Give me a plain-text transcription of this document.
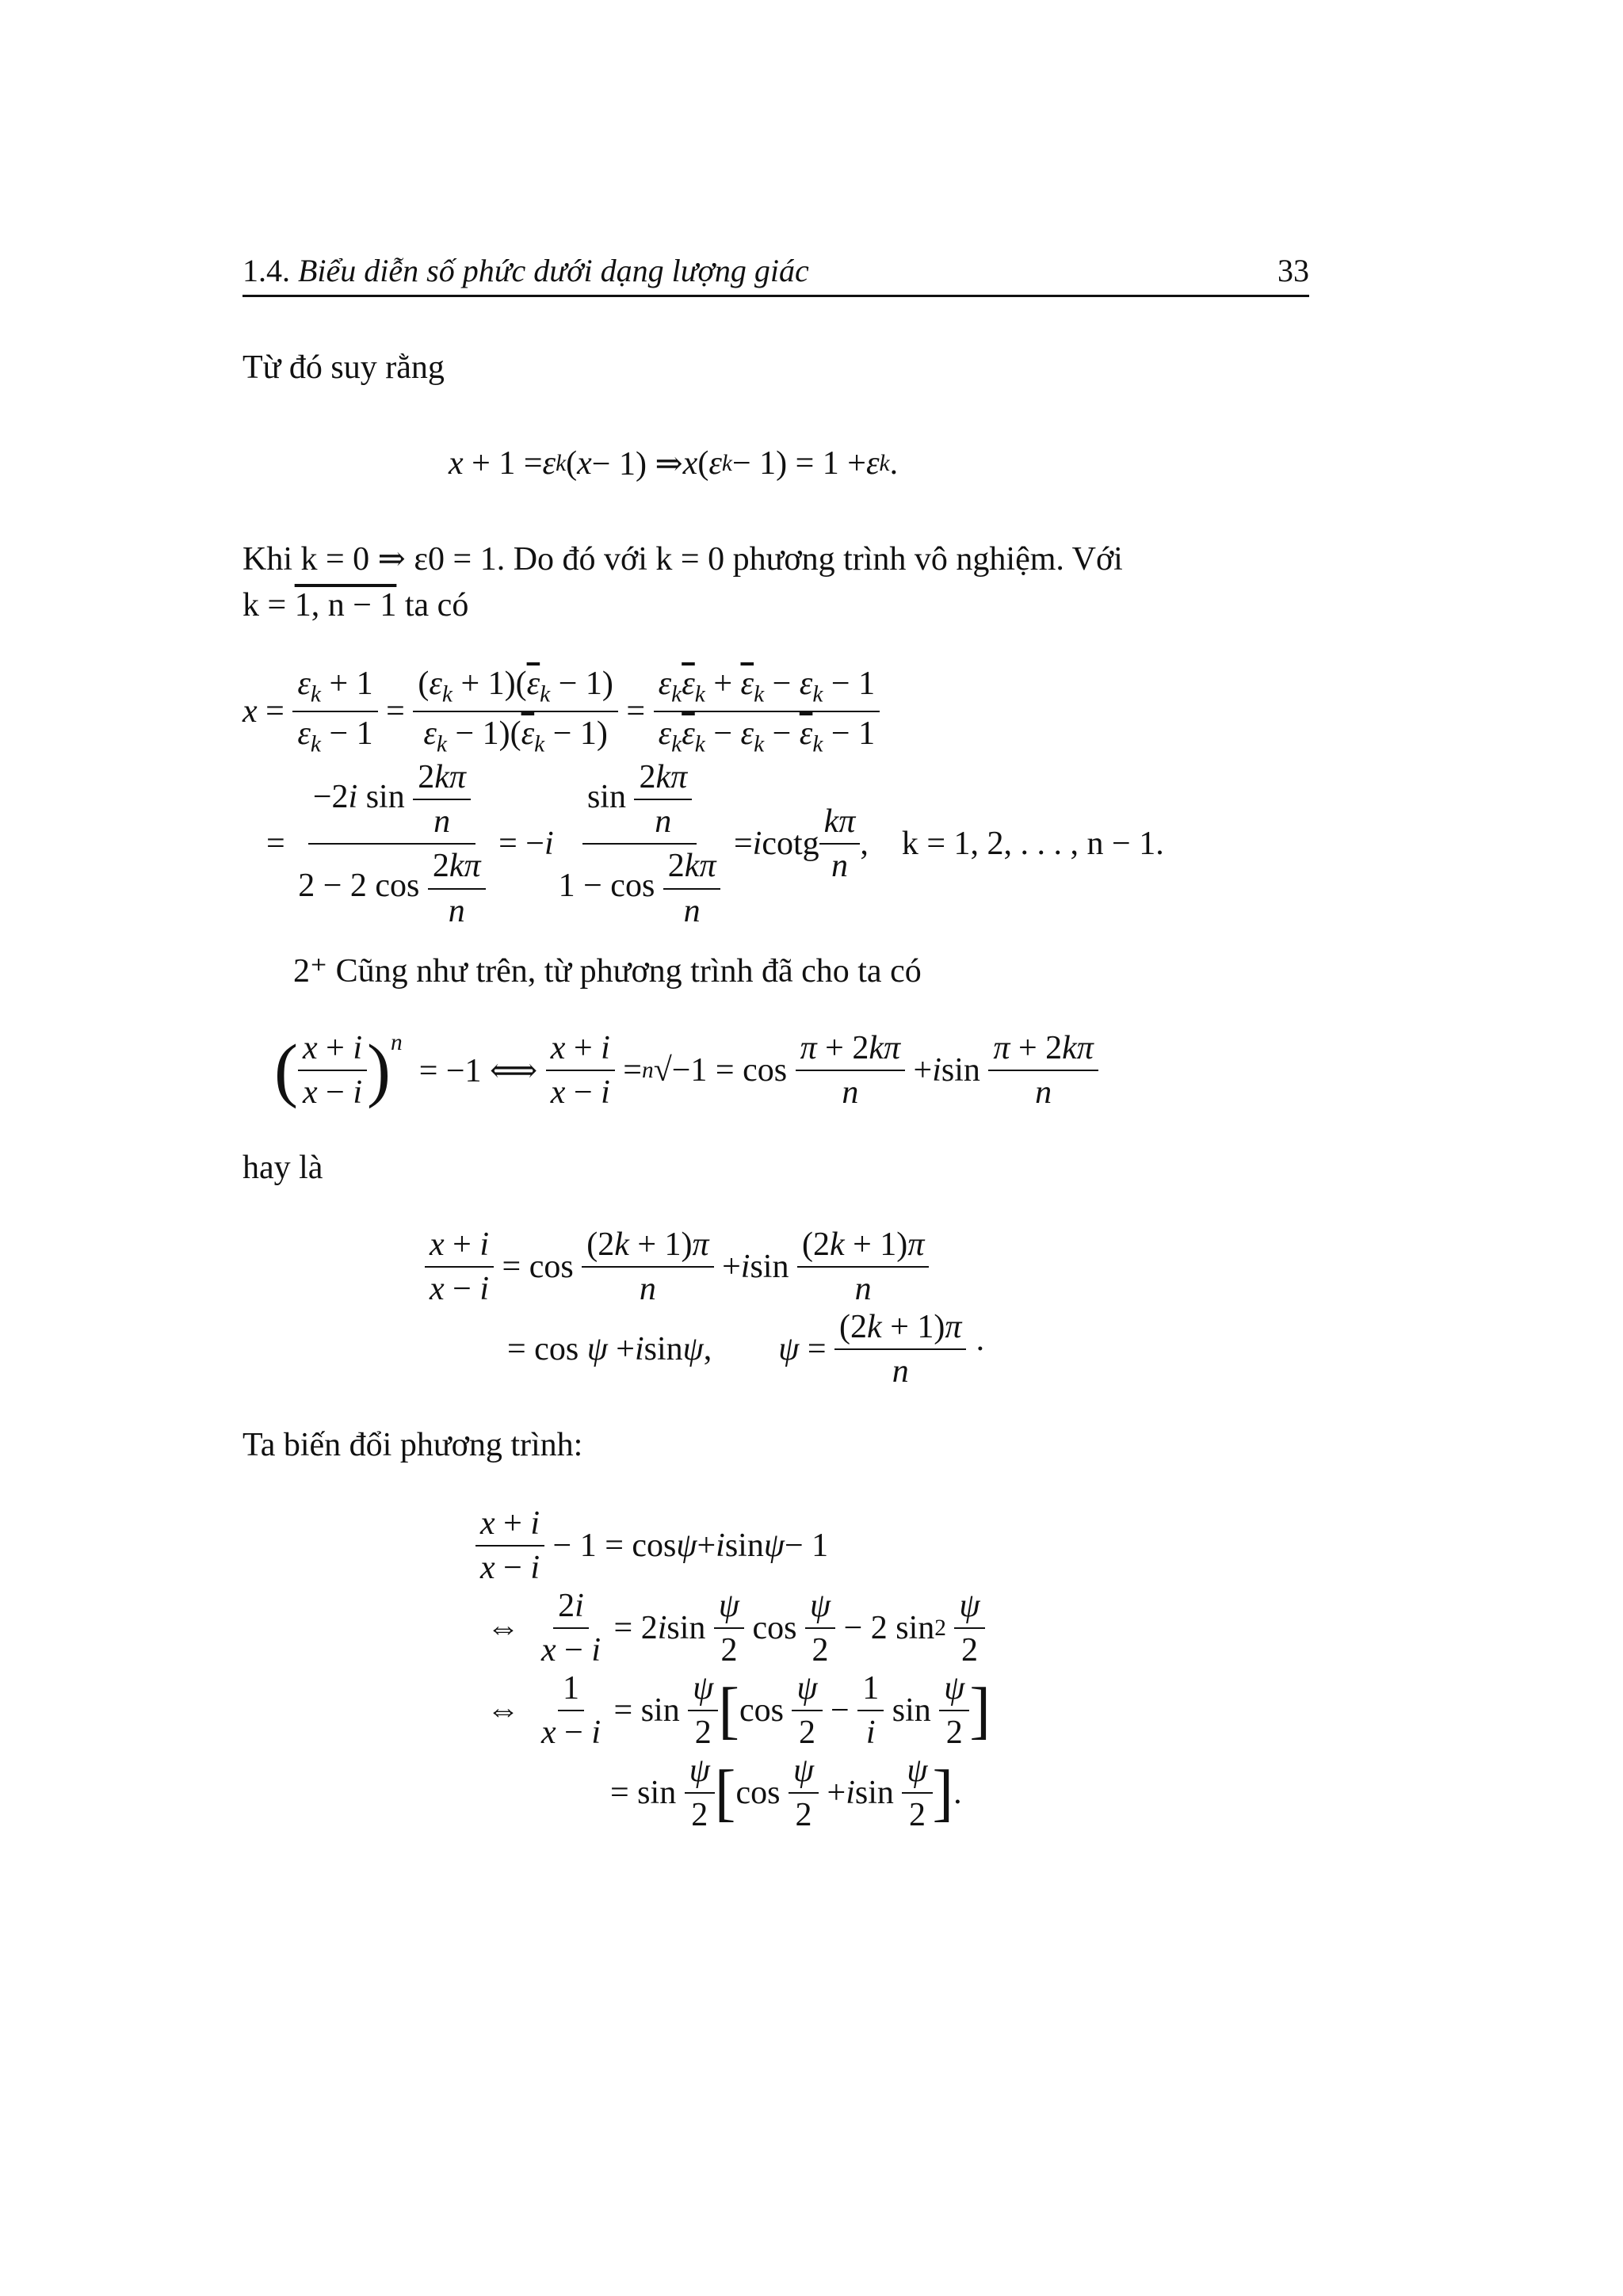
1.4. Biểu diễn số phức dưới dạng lượng giác	33
Từ đó suy rằng
x + 1 = ε k ( x − 1) ⇒ x ( ε k − 1) = 1 + ε k .
Khi k = 0 ⇒ ε0 = 1. Do đó với k = 0 phương trình vô nghiệm. Với
k = 1, n − 1 ta có
$x = \frac{\varepsilon_k + 1}{\varepsilon_k - 1} = \frac{(\varepsilon_k + 1)(\overline{\varepsilon}_k - 1)}{\varepsilon_k - 1)(\overline{\varepsilon}_k - 1)} = \frac{\varepsilon_k\overline{\varepsilon}_k + \overline{\varepsilon}_k - \varepsilon_k - 1}{\varepsilon_k\overline{\varepsilon}_k - \varepsilon_k - \overline{\varepsilon}_k - 1}$
= $\frac{-2i \sin \frac{2k\pi}{n}}{2 - 2 \cos \frac{2k\pi}{n}}$ = − i $\frac{\sin \frac{2k\pi}{n}}{1 - \cos \frac{2k\pi}{n}} = i$ cotg $\frac{k\pi}{n}$ , k = 1, 2, . . . , n − 1.
2⁺ Cũng như trên, từ phương trình đã cho ta có
( $\frac{x + i}{x - i} )^n$
= −1 ⟺ $\frac{x + i}{x - i} = n$ $√-1 = \cos \frac{\pi + 2k\pi}{n} + i$ $\sin \frac{\pi + 2k\pi}{n}$
hay là
$\frac{x + i}{x - i} = \cos \frac{(2k + 1)\pi}{n} + i$ $\sin \frac{(2k + 1)\pi}{n}$
= cos ψ + i sin ψ , $\psi = \frac{(2k + 1)\pi}{n}$ ·
Ta biến đổi phương trình:
$\frac{x + i}{x - i} - 1 = \cos \psi + i$ sin ψ − 1
⇔ $\frac{2i}{x - i} = 2$ i $\sin \frac{\psi}{2}$ $\cos \frac{\psi}{2} - 2$ sin 2
$\frac{\psi}{2}$
⇔ $\frac{1}{x - i} = \sin \frac{\psi}{2}$ [ $\cos \frac{\psi}{2} - \frac{1}{i}$ $\sin \frac{\psi}{2}$ ]
= $\sin \frac{\psi}{2}$ [ $\cos \frac{\psi}{2} + i$ $\sin \frac{\psi}{2}$ ] .
